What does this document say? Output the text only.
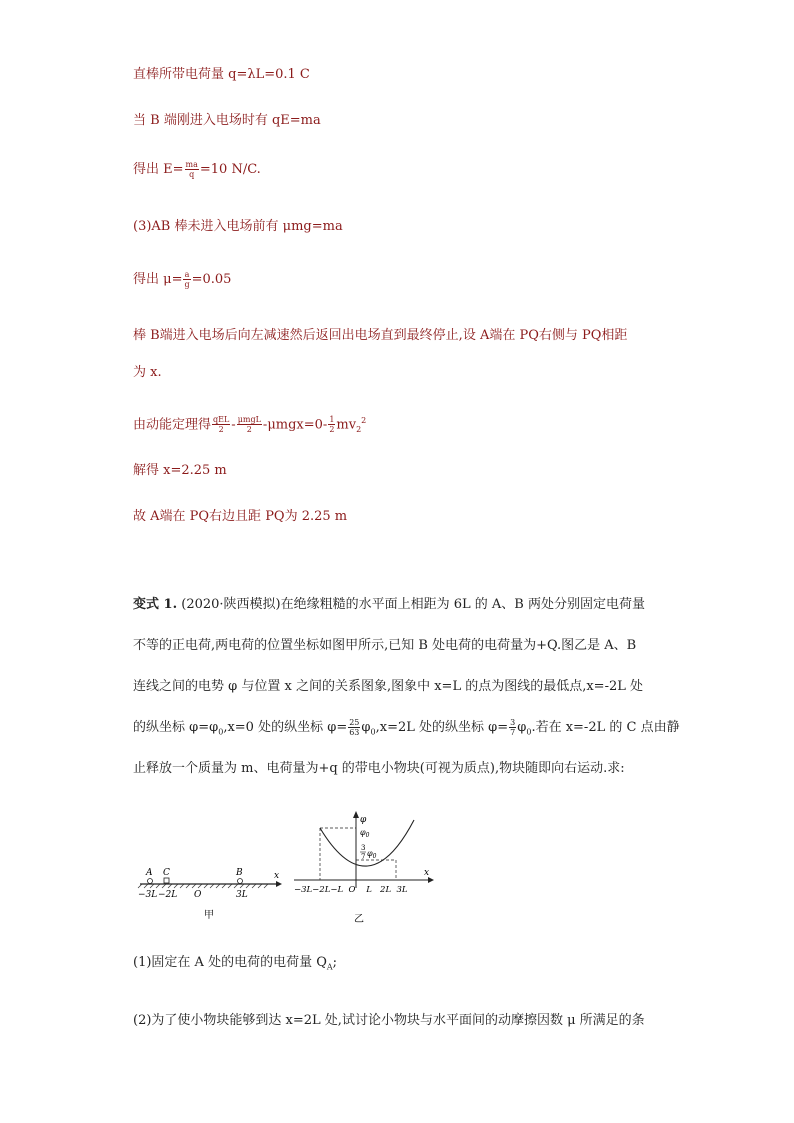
直棒所带电荷量 q=λL=0.1 C
当 B 端刚进入电场时有 qE=ma
得出 $E= \frac{ma}{q} =10$ N/C.
(3)AB 棒未进入电场前有 μmg=ma
得出 $\mu= \frac{a}{g} =0.05$
棒 B端进入电场后向左减速然后返回出电场直到最终停止,设 A端在 PQ右侧与 PQ相距
为 x.
由动能定理得 $\frac{\text{qEL}}{2} - \frac{\text{μmgL}}{2} -\mu mgx=0- \frac{1}{2} mv_2^2$
解得 x=2.25 m
故 A端在 PQ右边且距 PQ为 2.25 m
变式 1. (2020·陕西模拟)在绝缘粗糙的水平面上相距为 6L 的 A、B 两处分别固定电荷量
不等的正电荷,两电荷的位置坐标如图甲所示,已知 B 处电荷的电荷量为+Q.图乙是 A、B
连线之间的电势 φ 与位置 x 之间的关系图象,图象中 x=L 的点为图线的最低点,x=-2L 处
的纵坐标 $\varphi=\varphi_0,x=0$ 处的纵坐标 $\varphi= \frac{25}{63} \varphi_0,x=2L$ 处的纵坐标 $\varphi= \frac{3}{7} \varphi_0$.若在 x=-2L 的 C 点由静
止释放一个质量为 m、电荷量为+q 的带电小物块(可视为质点),物块随即向右运动.求:
A C	B	x
−3L −2L O	3L
甲
φ
$\varphi_0$
3
7 $\varphi_0$
x
−3L−2L−L  O    L   2L  3L
乙
(1)固定在 A 处的电荷的电荷量 $Q_A$;
(2)为了使小物块能够到达 x=2L 处,试讨论小物块与水平面间的动摩擦因数 μ 所满足的条
